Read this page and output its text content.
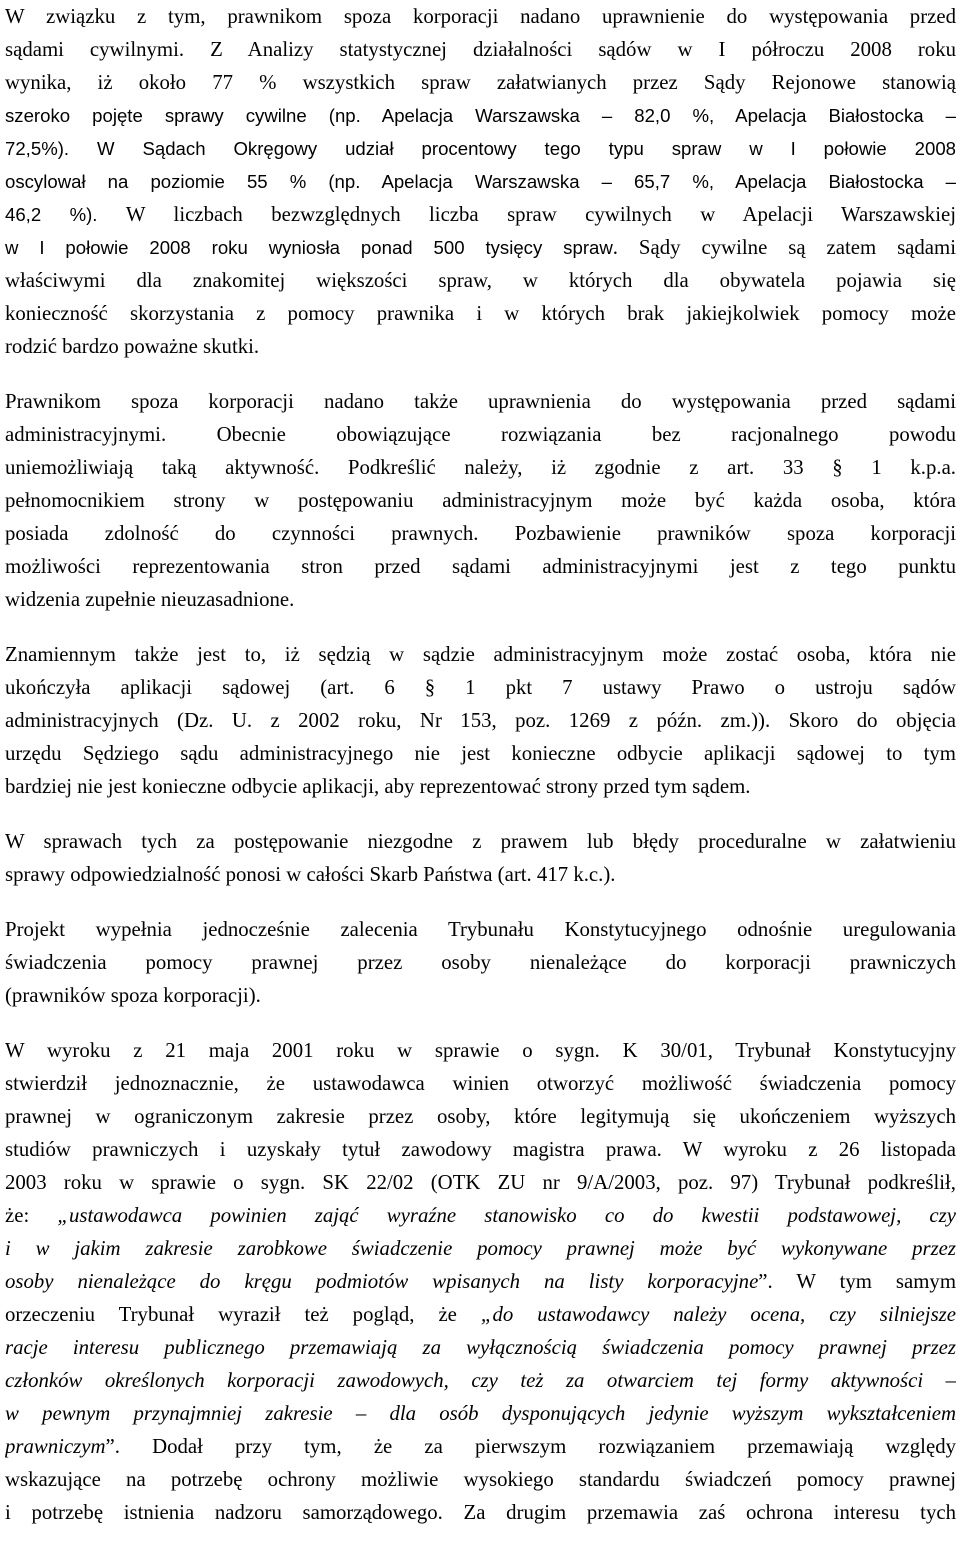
W związku z tym, prawnikom spoza korporacji nadano uprawnienie do występowania przed
sądami cywilnymi. Z Analizy statystycznej działalności sądów w I półroczu 2008 roku
wynika, iż około 77 % wszystkich spraw załatwianych przez Sądy Rejonowe stanowią
szeroko pojęte sprawy cywilne (np. Apelacja Warszawska – 82,0 %, Apelacja Białostocka –
72,5%). W Sądach Okręgowy udział procentowy tego typu spraw w I połowie 2008
oscylował na poziomie 55 % (np. Apelacja Warszawska – 65,7 %, Apelacja Białostocka –
46,2 %). W liczbach bezwzględnych liczba spraw cywilnych w Apelacji Warszawskiej
w I połowie 2008 roku wyniosła ponad 500 tysięcy spraw. Sądy cywilne są zatem sądami
właściwymi dla znakomitej większości spraw, w których dla obywatela pojawia się
konieczność skorzystania z pomocy prawnika i w których brak jakiejkolwiek pomocy może
rodzić bardzo poważne skutki.
Prawnikom spoza korporacji nadano także uprawnienia do występowania przed sądami
administracyjnymi. Obecnie obowiązujące rozwiązania bez racjonalnego powodu
uniemożliwiają taką aktywność. Podkreślić należy, iż zgodnie z art. 33 § 1 k.p.a.
pełnomocnikiem strony w postępowaniu administracyjnym może być każda osoba, która
posiada zdolność do czynności prawnych. Pozbawienie prawników spoza korporacji
możliwości reprezentowania stron przed sądami administracyjnymi jest z tego punktu
widzenia zupełnie nieuzasadnione.
Znamiennym także jest to, iż sędzią w sądzie administracyjnym może zostać osoba, która nie
ukończyła aplikacji sądowej (art. 6 § 1 pkt 7 ustawy Prawo o ustroju sądów
administracyjnych (Dz. U. z 2002 roku, Nr 153, poz. 1269 z późn. zm.)). Skoro do objęcia
urzędu Sędziego sądu administracyjnego nie jest konieczne odbycie aplikacji sądowej to tym
bardziej nie jest konieczne odbycie aplikacji, aby reprezentować strony przed tym sądem.
W sprawach tych za postępowanie niezgodne z prawem lub błędy proceduralne w załatwieniu
sprawy odpowiedzialność ponosi w całości Skarb Państwa (art. 417 k.c.).
Projekt wypełnia jednocześnie zalecenia Trybunału Konstytucyjnego odnośnie uregulowania
świadczenia pomocy prawnej przez osoby nienależące do korporacji prawniczych
(prawników spoza korporacji).
W wyroku z 21 maja 2001 roku w sprawie o sygn. K 30/01, Trybunał Konstytucyjny
stwierdził jednoznacznie, że ustawodawca winien otworzyć możliwość świadczenia pomocy
prawnej w ograniczonym zakresie przez osoby, które legitymują się ukończeniem wyższych
studiów prawniczych i uzyskały tytuł zawodowy magistra prawa. W wyroku z 26 listopada
2003 roku w sprawie o sygn. SK 22/02 (OTK ZU nr 9/A/2003, poz. 97) Trybunał podkreślił,
że: „ustawodawca powinien zająć wyraźne stanowisko co do kwestii podstawowej, czy
i w jakim zakresie zarobkowe świadczenie pomocy prawnej może być wykonywane przez
osoby nienależące do kręgu podmiotów wpisanych na listy korporacyjne”. W tym samym
orzeczeniu Trybunał wyraził też pogląd, że „do ustawodawcy należy ocena, czy silniejsze
racje interesu publicznego przemawiają za wyłącznością świadczenia pomocy prawnej przez
członków określonych korporacji zawodowych, czy też za otwarciem tej formy aktywności –
w pewnym przynajmniej zakresie – dla osób dysponujących jedynie wyższym wykształceniem
prawniczym”. Dodał przy tym, że za pierwszym rozwiązaniem przemawiają względy
wskazujące na potrzebę ochrony możliwie wysokiego standardu świadczeń pomocy prawnej
i potrzebę istnienia nadzoru samorządowego. Za drugim przemawia zaś ochrona interesu tych
